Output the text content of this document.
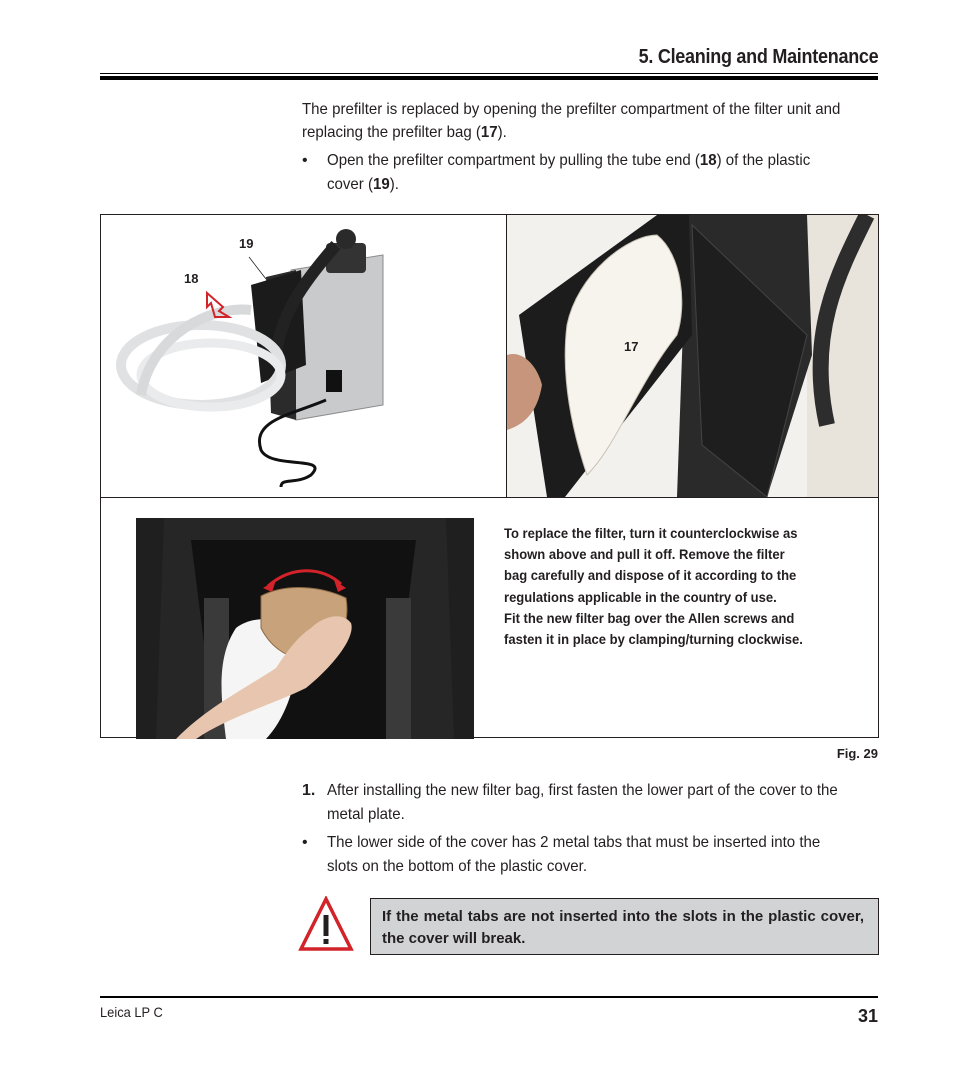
5. Cleaning and Maintenance
The prefilter is replaced by opening the prefilter compartment of the filter unit and replacing the prefilter bag (17).
•	Open the prefilter compartment by pulling the tube end (18) of the plastic cover (19).
19
18
17
To replace the filter, turn it counterclockwise as
shown above and pull it off. Remove the filter
bag carefully and dispose of it according to the
regulations applicable in the country of use.
Fit the new filter bag over the Allen screws and
fasten it in place by clamping/turning clockwise.
Fig. 29
1. After installing the new filter bag, first fasten the lower part of the cover to the metal plate.
•	The lower side of the cover has 2 metal tabs that must be inserted into the slots on the bottom of the plastic cover.
If the metal tabs are not inserted into the slots in the plastic cover, the cover will break.
Leica LP C	31
